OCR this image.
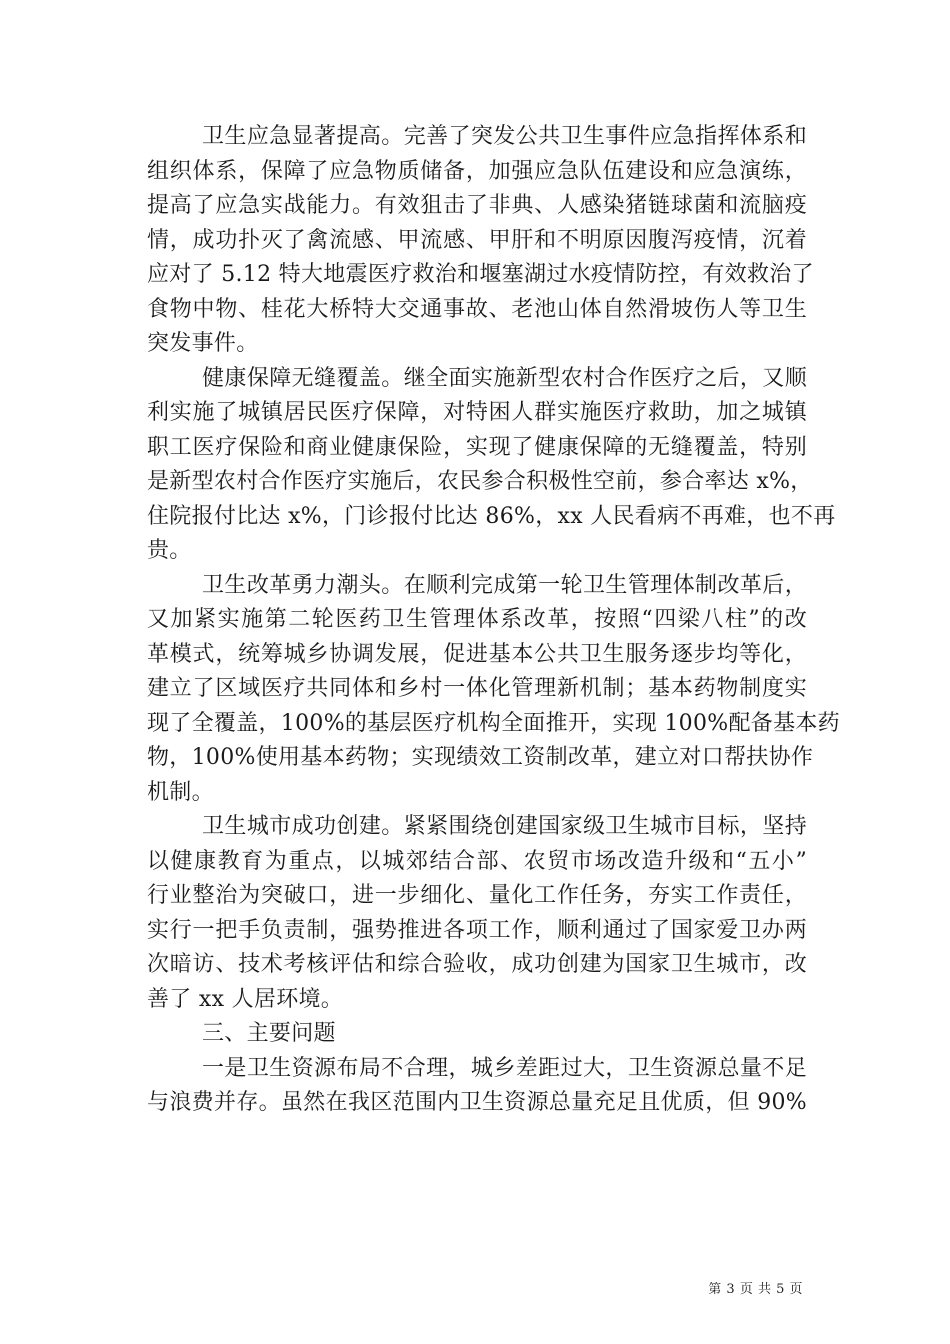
卫生应急显著提高。完善了突发公共卫生事件应急指挥体系和
组织体系，保障了应急物质储备，加强应急队伍建设和应急演练，
提高了应急实战能力。有效狙击了非典、人感染猪链球菌和流脑疫
情，成功扑灭了禽流感、甲流感、甲肝和不明原因腹泻疫情，沉着
应对了 5.12 特大地震医疗救治和堰塞湖过水疫情防控，有效救治了
食物中物、桂花大桥特大交通事故、老池山体自然滑坡伤人等卫生
突发事件。
健康保障无缝覆盖。继全面实施新型农村合作医疗之后，又顺
利实施了城镇居民医疗保障，对特困人群实施医疗救助，加之城镇
职工医疗保险和商业健康保险，实现了健康保障的无缝覆盖，特别
是新型农村合作医疗实施后，农民参合积极性空前，参合率达 x%，
住院报付比达 x%，门诊报付比达 86%，xx 人民看病不再难，也不再
贵。
卫生改革勇力潮头。在顺利完成第一轮卫生管理体制改革后，
又加紧实施第二轮医药卫生管理体系改革，按照“四梁八柱”的改
革模式，统筹城乡协调发展，促进基本公共卫生服务逐步均等化，
建立了区域医疗共同体和乡村一体化管理新机制；基本药物制度实
现了全覆盖，100%的基层医疗机构全面推开，实现 100%配备基本药
物，100%使用基本药物；实现绩效工资制改革，建立对口帮扶协作
机制。
卫生城市成功创建。紧紧围绕创建国家级卫生城市目标，坚持
以健康教育为重点，以城郊结合部、农贸市场改造升级和“五小”
行业整治为突破口，进一步细化、量化工作任务，夯实工作责任，
实行一把手负责制，强势推进各项工作，顺利通过了国家爱卫办两
次暗访、技术考核评估和综合验收，成功创建为国家卫生城市，改
善了 xx 人居环境。
三、主要问题
一是卫生资源布局不合理，城乡差距过大，卫生资源总量不足
与浪费并存。虽然在我区范围内卫生资源总量充足且优质，但 90%
第 3 页 共 5 页
